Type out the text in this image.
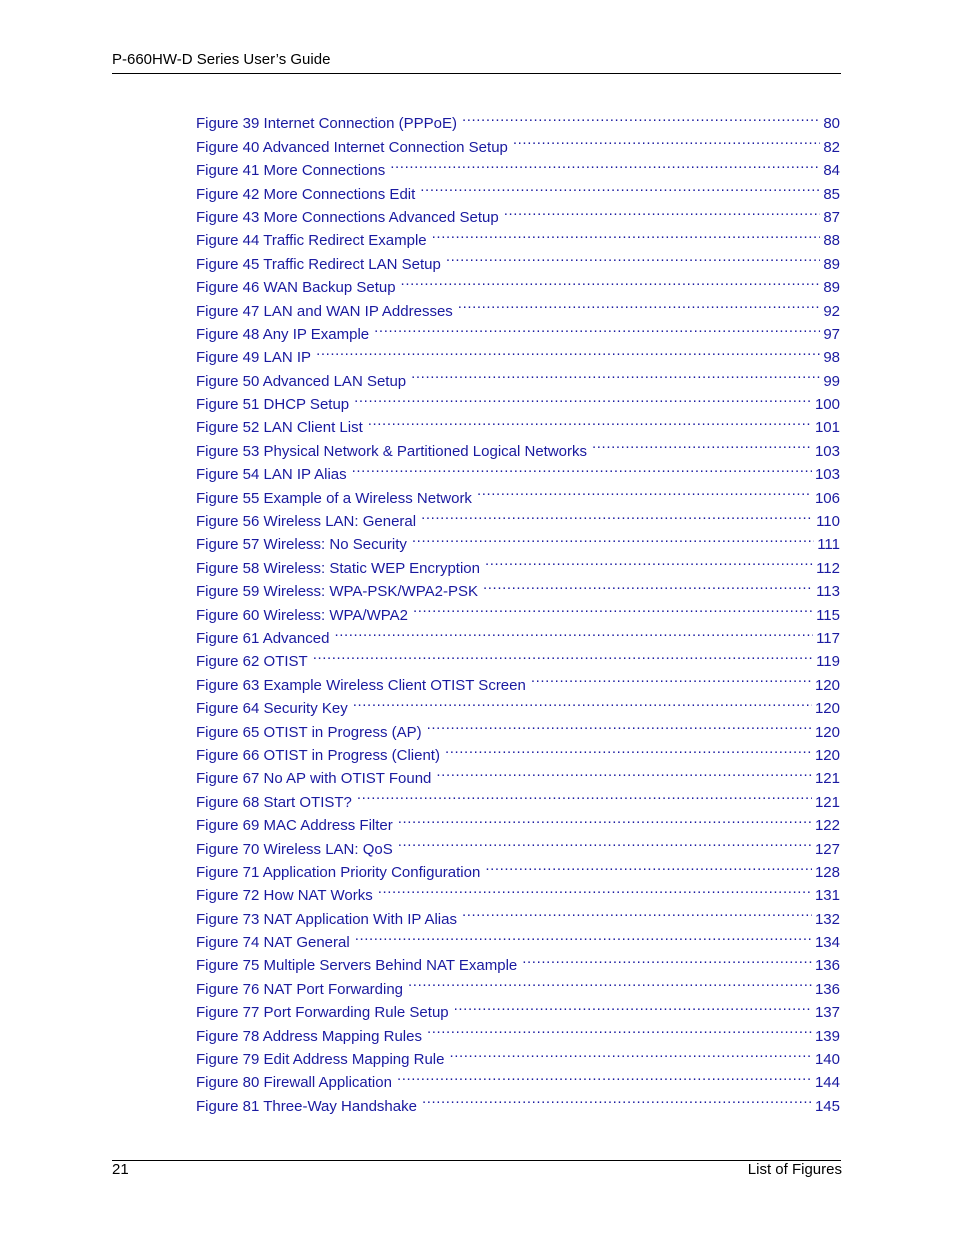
P-660HW-D Series User’s Guide
Figure 39 Internet Connection (PPPoE) .....	80
Figure 40 Advanced Internet Connection Setup .....	82
Figure 41 More Connections .....	84
Figure 42 More Connections Edit .....	85
Figure 43 More Connections Advanced Setup .....	87
Figure 44 Traffic Redirect Example .....	88
Figure 45 Traffic Redirect LAN Setup .....	89
Figure 46 WAN Backup Setup .....	89
Figure 47 LAN and WAN IP Addresses .....	92
Figure 48 Any IP Example .....	97
Figure 49 LAN IP .....	98
Figure 50 Advanced LAN Setup .....	99
Figure 51 DHCP Setup .....	100
Figure 52 LAN Client List .....	101
Figure 53 Physical Network & Partitioned Logical Networks .....	103
Figure 54 LAN IP Alias .....	103
Figure 55 Example of a Wireless Network .....	106
Figure 56 Wireless LAN: General .....	110
Figure 57 Wireless: No Security .....	111
Figure 58 Wireless: Static WEP Encryption .....	112
Figure 59 Wireless: WPA-PSK/WPA2-PSK .....	113
Figure 60 Wireless: WPA/WPA2 .....	115
Figure 61 Advanced .....	117
Figure 62 OTIST .....	119
Figure 63 Example Wireless Client OTIST Screen .....	120
Figure 64 Security Key .....	120
Figure 65 OTIST in Progress (AP) .....	120
Figure 66 OTIST in Progress (Client) .....	120
Figure 67 No AP with OTIST Found .....	121
Figure 68 Start OTIST? .....	121
Figure 69 MAC Address Filter .....	122
Figure 70 Wireless LAN: QoS .....	127
Figure 71 Application Priority Configuration .....	128
Figure 72 How NAT Works .....	131
Figure 73 NAT Application With IP Alias .....	132
Figure 74 NAT General .....	134
Figure 75 Multiple Servers Behind NAT Example .....	136
Figure 76 NAT Port Forwarding .....	136
Figure 77 Port Forwarding Rule Setup .....	137
Figure 78 Address Mapping Rules .....	139
Figure 79 Edit Address Mapping Rule .....	140
Figure 80 Firewall Application .....	144
Figure 81 Three-Way Handshake .....	145
21	List of Figures
